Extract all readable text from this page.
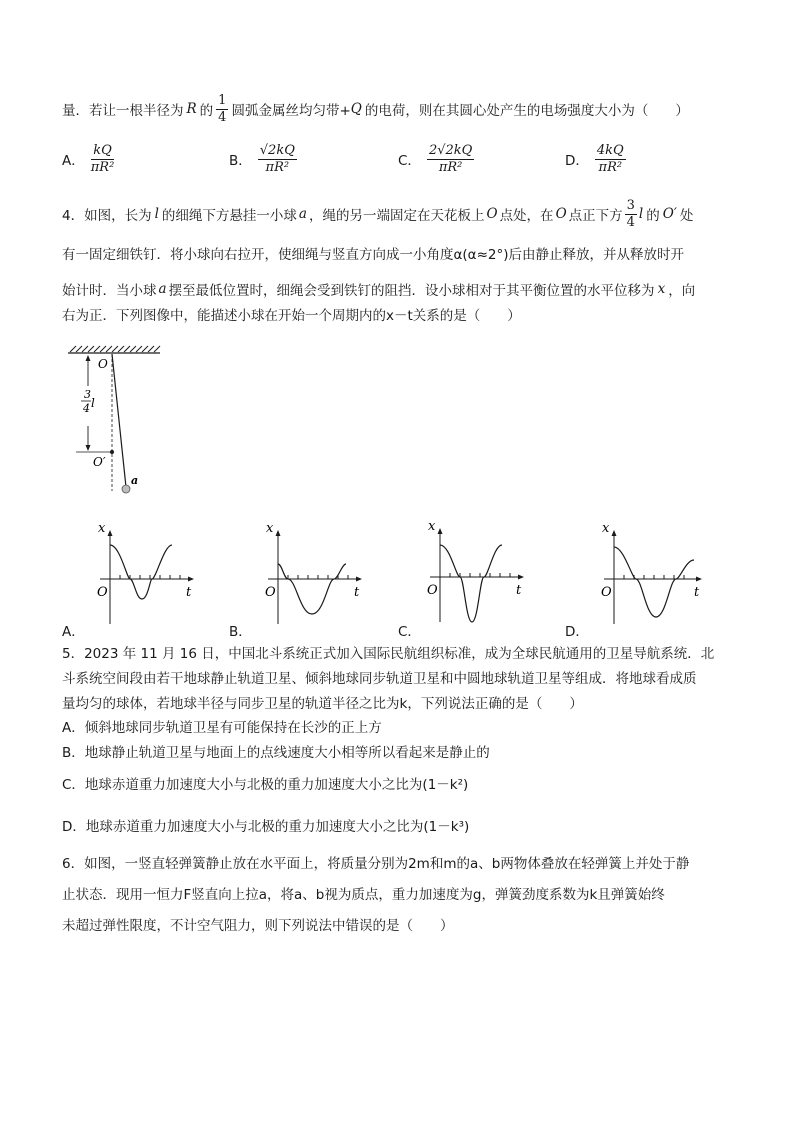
量．若让一根半径为 R 的 $\frac{1}{4}$ 圆弧金属丝均匀带+ Q 的电荷，则在其圆心处产生的电场强度大小为（　　）
A． $\frac{kQ}{\text{πR²}}$	B． $\frac{√2kQ}{\text{πR²}}$	C． $\frac{2√2kQ}{\text{πR²}}$	D． $\frac{4kQ}{\text{πR²}}$
4．如图，长为 l 的细绳下方悬挂一小球 a ，绳的另一端固定在天花板上 O 点处，在 O 点正下方 $\frac{3}{4}$ l 的 O′ 处
有一固定细铁钉．将小球向右拉开，使细绳与竖直方向成一小角度α(α≈2°)后由静止释放，并从释放时开
始计时．当小球 a 摆至最低位置时，细绳会受到铁钉的阻挡．设小球相对于其平衡位置的水平位移为 x ，向
右为正．下列图像中，能描述小球在开始一个周期内的x－t关系的是（　　）
3
4 l
O
O′
a
x
t
O
A．
x
t
O
B．
x
t
O
C．
x
t
O
D．
5．2023 年 11 月 16 日，中国北斗系统正式加入国际民航组织标准，成为全球民航通用的卫星导航系统．北
斗系统空间段由若干地球静止轨道卫星、倾斜地球同步轨道卫星和中圆地球轨道卫星等组成．将地球看成质
量均匀的球体，若地球半径与同步卫星的轨道半径之比为k，下列说法正确的是（　　）
A．倾斜地球同步轨道卫星有可能保持在长沙的正上方
B．地球静止轨道卫星与地面上的点线速度大小相等所以看起来是静止的
C．地球赤道重力加速度大小与北极的重力加速度大小之比为(1－k²)
D．地球赤道重力加速度大小与北极的重力加速度大小之比为(1－k³)
6．如图，一竖直轻弹簧静止放在水平面上，将质量分别为2m和m的a、b两物体叠放在轻弹簧上并处于静
止状态．现用一恒力F竖直向上拉a，将a、b视为质点，重力加速度为g，弹簧劲度系数为k且弹簧始终
未超过弹性限度，不计空气阻力，则下列说法中错误的是（　　）
